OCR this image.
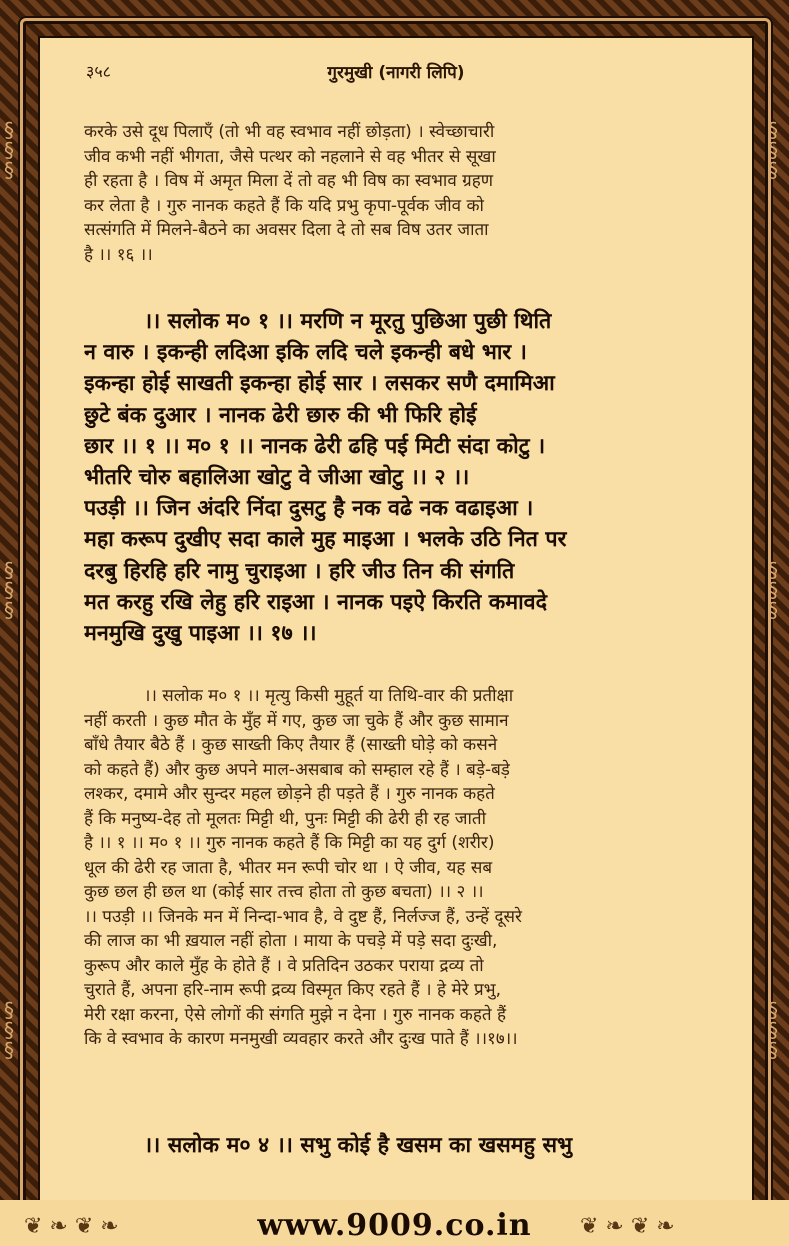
§
§
§
§
§
§
§
§
§
§
§
§
§
§
§
§
§
§
३५८	गुरमुखी (नागरी लिपि)
करके उसे दूध पिलाएँ (तो भी वह स्वभाव नहीं छोड़ता) । स्वेच्छाचारी
जीव कभी नहीं भीगता, जैसे पत्थर को नहलाने से वह भीतर से सूखा
ही रहता है । विष में अमृत मिला दें तो वह भी विष का स्वभाव ग्रहण
कर लेता है । गुरु नानक कहते हैं कि यदि प्रभु कृपा-पूर्वक जीव को
सत्संगति में मिलने-बैठने का अवसर दिला दे तो सब विष उतर जाता
है ।। १६ ।।
।। सलोक म० १ ।। मरणि न मूरतु पुछिआ पुछी थिति
न वारु । इकन्ही लदिआ इकि लदि चले इकन्ही बधे भार ।
इकन्हा होई साखती इकन्हा होई सार । लसकर सणै दमामिआ
छुटे बंक दुआर । नानक ढेरी छारु की भी फिरि होई
छार ।। १ ।। म० १ ।। नानक ढेरी ढहि पई मिटी संदा कोटु ।
भीतरि चोरु बहालिआ खोटु वे जीआ खोटु ।। २ ।।
पउड़ी ।। जिन अंदरि निंदा दुसटु है नक वढे नक वढाइआ ।
महा करूप दुखीए सदा काले मुह माइआ । भलके उठि नित पर
दरबु हिरहि हरि नामु चुराइआ । हरि जीउ तिन की संगति
मत करहु रखि लेहु हरि राइआ । नानक पइऐ किरति कमावदे
मनमुखि दुखु पाइआ ।। १७ ।।
।। सलोक म० १ ।। मृत्यु किसी मुहूर्त या तिथि-वार की प्रतीक्षा
नहीं करती । कुछ मौत के मुँह में गए, कुछ जा चुके हैं और कुछ सामान
बाँधे तैयार बैठे हैं । कुछ साख्ती किए तैयार हैं (साख्ती घोड़े को कसने
को कहते हैं) और कुछ अपने माल-असबाब को सम्हाल रहे हैं । बड़े-बड़े
लश्कर, दमामे और सुन्दर महल छोड़ने ही पड़ते हैं । गुरु नानक कहते
हैं कि मनुष्य-देह तो मूलतः मिट्टी थी, पुनः मिट्टी की ढेरी ही रह जाती
है ।। १ ।। म० १ ।। गुरु नानक कहते हैं कि मिट्टी का यह दुर्ग (शरीर)
धूल की ढेरी रह जाता है, भीतर मन रूपी चोर था । ऐ जीव, यह सब
कुछ छल ही छल था (कोई सार तत्त्व होता तो कुछ बचता) ।। २ ।।
।। पउड़ी ।। जिनके मन में निन्दा-भाव है, वे दुष्ट हैं, निर्लज्ज हैं, उन्हें दूसरे
की लाज का भी ख़याल नहीं होता । माया के पचड़े में पड़े सदा दुःखी,
कुरूप और काले मुँह के होते हैं । वे प्रतिदिन उठकर पराया द्रव्य तो
चुराते हैं, अपना हरि-नाम रूपी द्रव्य विस्मृत किए रहते हैं । हे मेरे प्रभु,
मेरी रक्षा करना, ऐसे लोगों की संगति मुझे न देना । गुरु नानक कहते हैं
कि वे स्वभाव के कारण मनमुखी व्यवहार करते और दुःख पाते हैं ।।१७।।
।। सलोक म० ४ ।। सभु कोई है खसम का खसमहु सभु
❦ ❧ ❦ ❧	❦ ❧ ❦ ❧
www.9009.co.in
